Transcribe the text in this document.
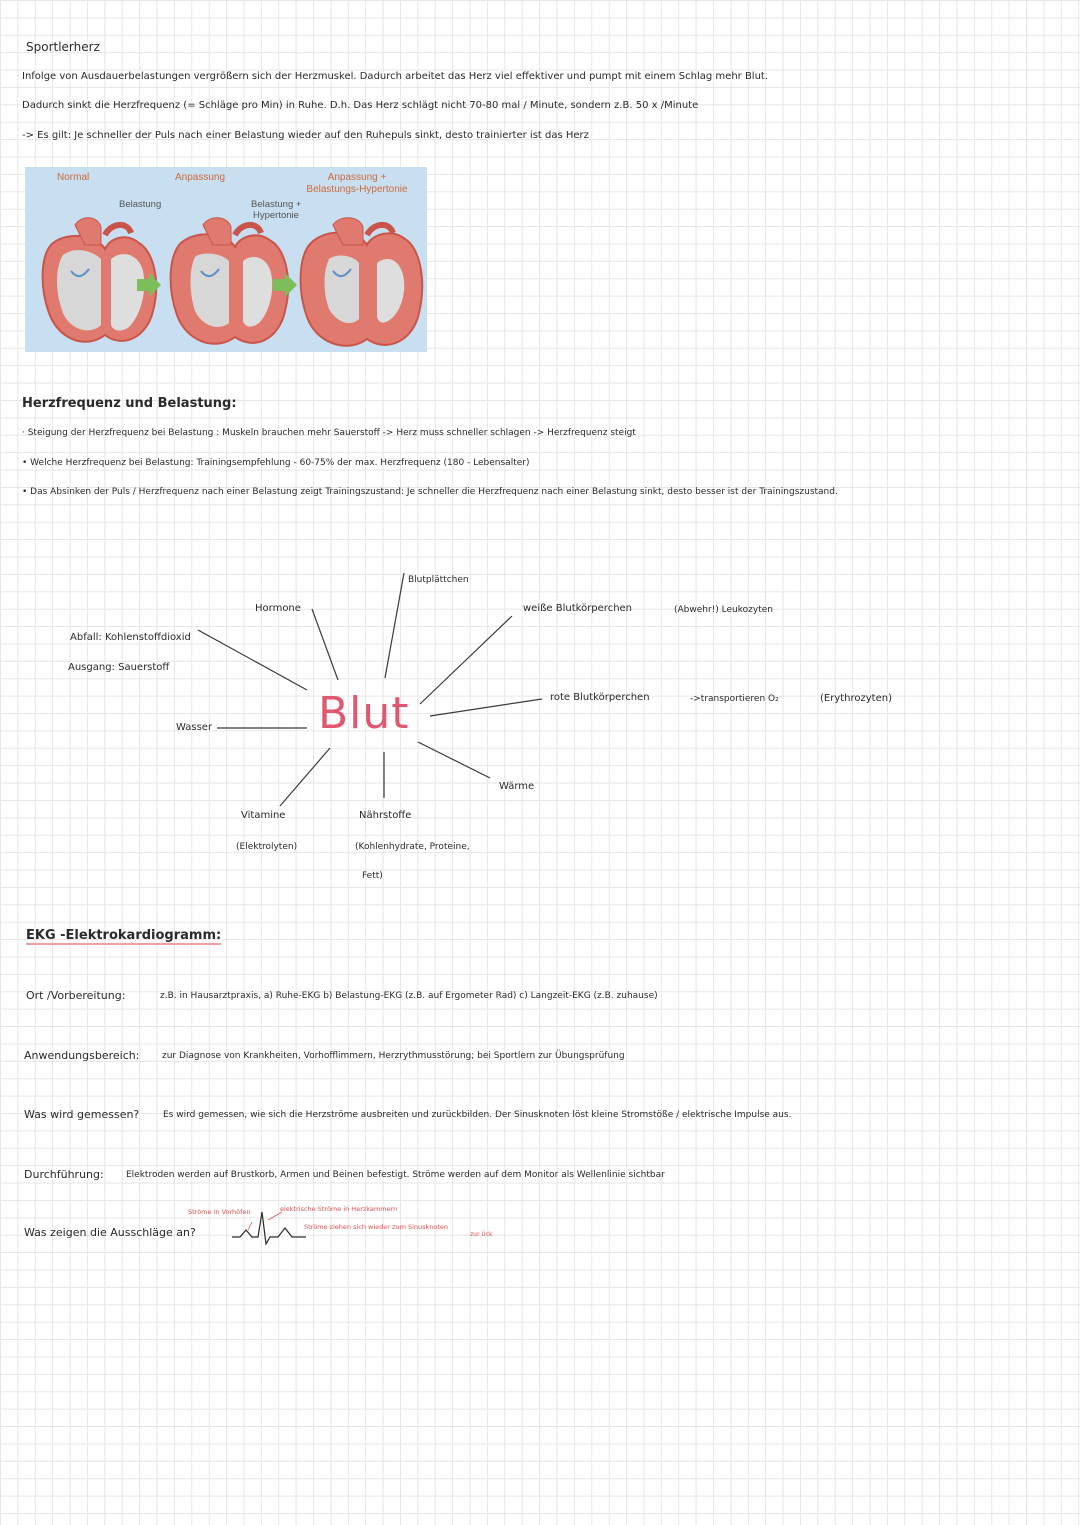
Sportlerherz
Infolge von Ausdauerbelastungen vergrößern sich der Herzmuskel. Dadurch arbeitet das Herz viel effektiver und pumpt mit einem Schlag mehr Blut.
Dadurch sinkt die Herzfrequenz (= Schläge pro Min) in Ruhe. D.h. Das Herz schlägt nicht 70-80 mal / Minute, sondern z.B. 50 x /Minute
-> Es gilt: Je schneller der Puls nach einer Belastung wieder auf den Ruhepuls sinkt, desto trainierter ist das Herz
Normal	Anpassung	Anpassung +
Belastungs-Hypertonie
Belastung	Belastung +
Hypertonie
Herzfrequenz und Belastung:
· Steigung der Herzfrequenz bei Belastung : Muskeln brauchen mehr Sauerstoff -> Herz muss schneller schlagen -> Herzfrequenz steigt
• Welche Herzfrequenz bei Belastung: Trainingsempfehlung - 60-75% der max. Herzfrequenz (180 - Lebensalter)
• Das Absinken der Puls / Herzfrequenz nach einer Belastung zeigt Trainingszustand: Je schneller die Herzfrequenz nach einer Belastung sinkt, desto besser ist der Trainingszustand.
Blut
Blutplättchen
Hormone	weiße Blutkörperchen	(Abwehr!) Leukozyten
Abfall: Kohlenstoffdioxid
Ausgang: Sauerstoff
rote Blutkörperchen	->transportieren O₂	(Erythrozyten)
Wasser
Wärme
Vitamine
(Elektrolyten)
Nährstoffe
(Kohlenhydrate, Proteine,
Fett)
EKG -Elektrokardiogramm:
Ort /Vorbereitung:	z.B. in Hausarztpraxis, a) Ruhe-EKG b) Belastung-EKG (z.B. auf Ergometer Rad) c) Langzeit-EKG (z.B. zuhause)
Anwendungsbereich:	zur Diagnose von Krankheiten, Vorhofflimmern, Herzrythmusstörung; bei Sportlern zur Übungsprüfung
Was wird gemessen?	Es wird gemessen, wie sich die Herzströme ausbreiten und zurückbilden. Der Sinusknoten löst kleine Stromstöße / elektrische Impulse aus.
Durchführung: Elektroden werden auf Brustkorb, Armen und Beinen befestigt. Ströme werden auf dem Monitor als Wellenlinie sichtbar
Was zeigen die Ausschläge an?
Ströme in Vorhöfen	elektrische Ströme in Herzkammern
Ströme ziehen sich wieder zum Sinusknoten
zur Ück
